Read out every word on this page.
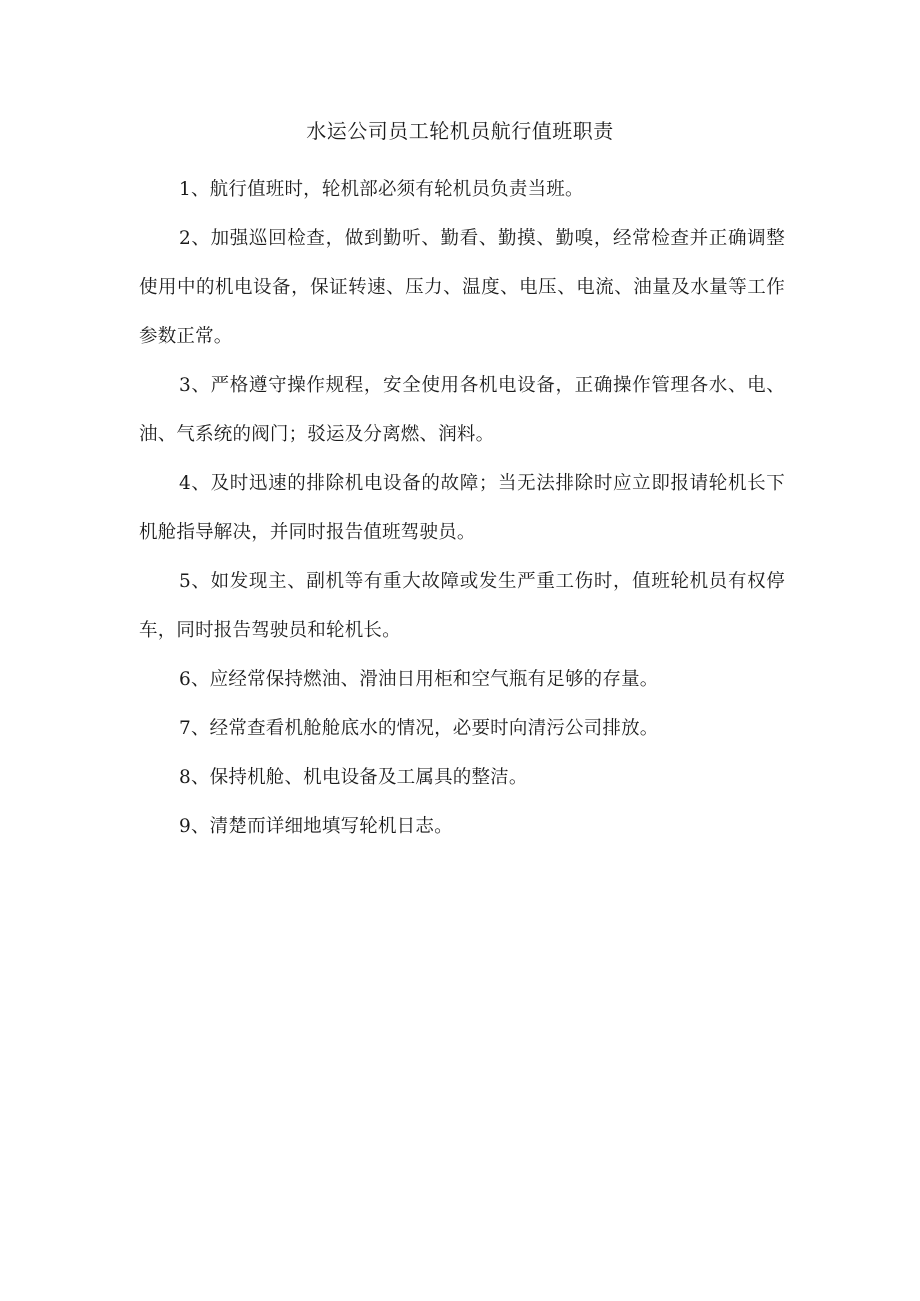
水运公司员工轮机员航行值班职责

1、航行值班时，轮机部必须有轮机员负责当班。

2、加强巡回检查，做到勤听、勤看、勤摸、勤嗅，经常检查并正确调整使用中的机电设备，保证转速、压力、温度、电压、电流、油量及水量等工作参数正常。

3、严格遵守操作规程，安全使用各机电设备，正确操作管理各水、电、油、气系统的阀门；驳运及分离燃、润料。

4、及时迅速的排除机电设备的故障；当无法排除时应立即报请轮机长下机舱指导解决，并同时报告值班驾驶员。

5、如发现主、副机等有重大故障或发生严重工伤时，值班轮机员有权停车，同时报告驾驶员和轮机长。

6、应经常保持燃油、滑油日用柜和空气瓶有足够的存量。

7、经常查看机舱舱底水的情况，必要时向清污公司排放。

8、保持机舱、机电设备及工属具的整洁。

9、清楚而详细地填写轮机日志。
